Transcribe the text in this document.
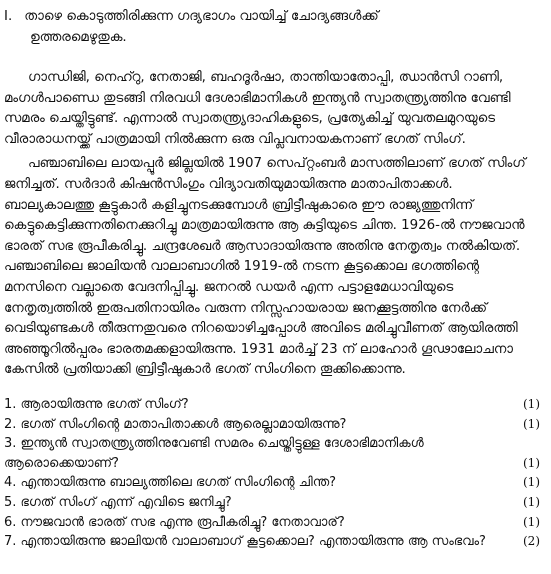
I. താഴെ കൊടുത്തിരിക്കുന്ന ഗദ്യഭാഗം വായിച്ച് ചോദ്യങ്ങൾക്ക്
ഉത്തരമെഴുതുക.

ഗാന്ധിജി, നെഹ്റു, നേതാജി, ബഹദൂർഷാ, താന്തിയാതോപ്പി, ഝാൻസി റാണി, മംഗൾപാണ്ഡെ തുടങ്ങി നിരവധി ദേശാഭിമാനികൾ ഇന്ത്യൻ സ്വാതന്ത്ര്യത്തിനു വേണ്ടി സമരം ചെയ്തിട്ടുണ്ട്. എന്നാൽ സ്വാതന്ത്ര്യദാഹികളുടെ, പ്രത്യേകിച്ച് യുവതലമുറയുടെ വീരാരാധനയ്ക്ക് പാത്രമായി നിൽക്കുന്ന ഒരു വിപ്ലവനായകനാണ് ഭഗത് സിംഗ്.

പഞ്ചാബിലെ ലായപ്പൂർ ജില്ലയിൽ 1907 സെപ്റ്റംബർ മാസത്തിലാണ് ഭഗത് സിംഗ് ജനിച്ചത്. സർദാർ കിഷൻസിംഗും വിദ്യാവതിയുമായിരുന്നു മാതാപിതാക്കൾ. ബാല്യകാലത്തു കൂട്ടുകാർ കളിച്ചുനടക്കുമ്പോൾ ബ്രിട്ടീഷുകാരെ ഈ രാജ്യത്തുനിന്ന് കെട്ടുകെട്ടിക്കുന്നതിനെക്കുറിച്ചു മാത്രമായിരുന്നു ആ കുട്ടിയുടെ ചിന്ത. 1926-ൽ നൗജവാൻ ഭാരത് സഭ രൂപീകരിച്ചു. ചന്ദ്രശേഖർ ആസാദായിരുന്നു അതിനു നേതൃത്വം നൽകിയത്. പഞ്ചാബിലെ ജാലിയൻ വാലാബാഗിൽ 1919-ൽ നടന്ന കൂട്ടക്കൊല ഭഗത്തിന്റെ മനസിനെ വല്ലാതെ വേദനിപ്പിച്ചു. ജനറൽ ഡയർ എന്ന പട്ടാളമേധാവിയുടെ നേതൃത്വത്തിൽ ഇരുപതിനായിരം വരുന്ന നിസ്സഹായരായ ജനക്കൂട്ടത്തിനു നേർക്ക് വെടിയുണ്ടകൾ തീരുന്നതുവരെ നിറയൊഴിച്ചപ്പോൾ അവിടെ മരിച്ചുവീണത് ആയിരത്തി അഞ്ഞൂറിൽപ്പരം ഭാരതമക്കളായിരുന്നു. 1931 മാർച്ച് 23 ന് ലാഹോർ ഗൂഢാലോചനാ കേസിൽ പ്രതിയാക്കി ബ്രിട്ടീഷുകാർ ഭഗത് സിംഗിനെ തൂക്കിക്കൊന്നു.

1. ആരായിരുന്നു ഭഗത് സിംഗ്?	(1)
2. ഭഗത് സിംഗിന്റെ മാതാപിതാക്കൾ ആരെല്ലാമായിരുന്നു?	(1)
3. ഇന്ത്യൻ സ്വാതന്ത്ര്യത്തിനുവേണ്ടി സമരം ചെയ്തിട്ടുള്ള ദേശാഭിമാനികൾ ആരൊക്കെയാണ്?	(1)
4. എന്തായിരുന്നു ബാല്യത്തിലെ ഭഗത് സിംഗിന്റെ ചിന്ത?	(1)
5. ഭഗത് സിംഗ് എന്ന് എവിടെ ജനിച്ചു?	(1)
6. നൗജവാൻ ഭാരത് സഭ എന്നു രൂപീകരിച്ചു? നേതാവാര്?	(1)
7. എന്തായിരുന്നു ജാലിയൻ വാലാബാഗ് കൂട്ടക്കൊല? എന്തായിരുന്നു ആ സംഭവം?	(2)
